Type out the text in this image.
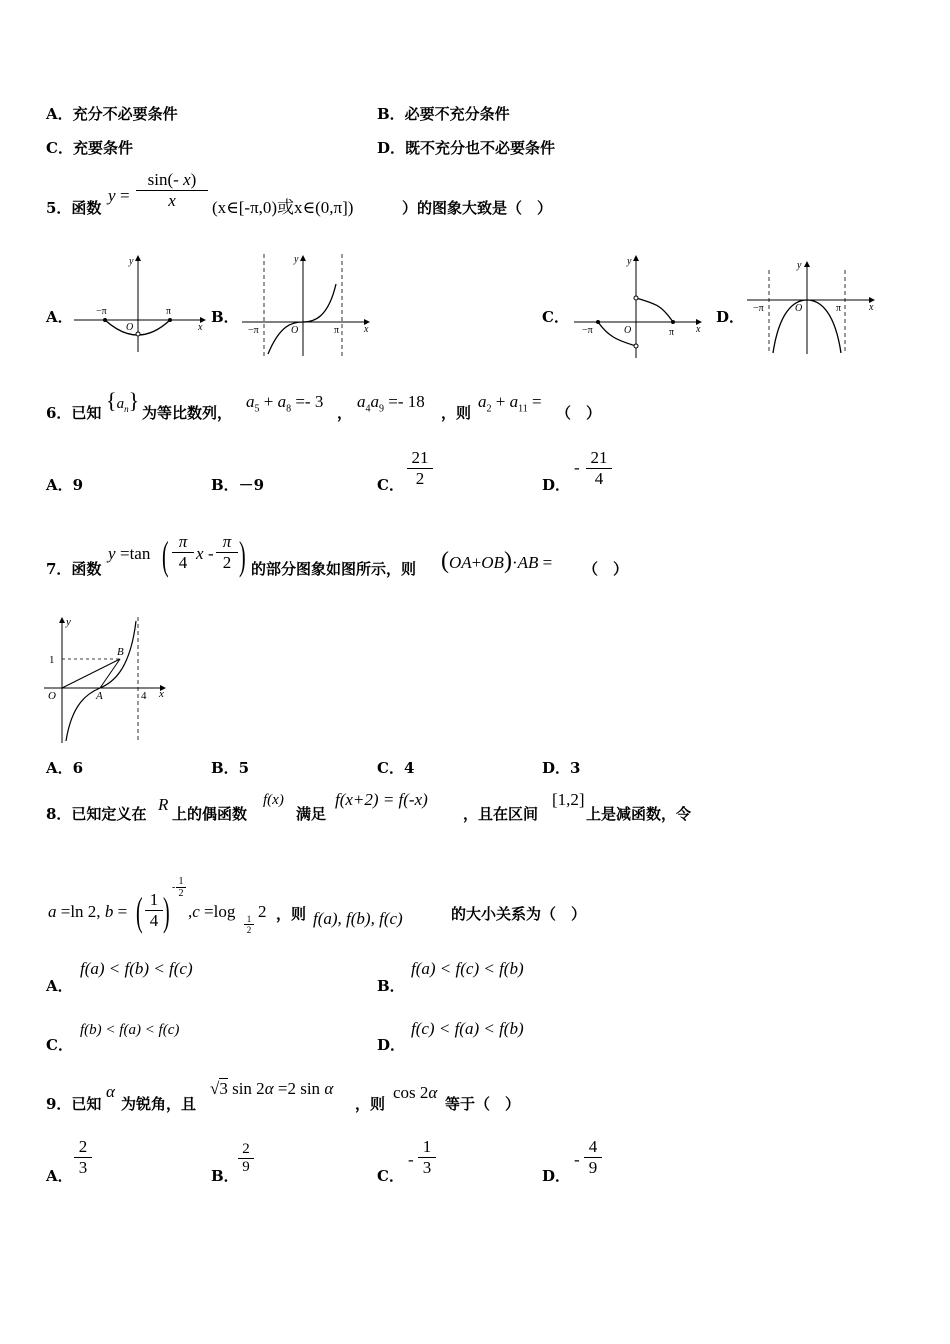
A．充分不必要条件	B．必要不充分条件
C．充要条件	D．既不充分也不必要条件
5．函数
$y = \frac{\sin(- x)}{x}$ (x∈[-π,0)或x∈(0,π])	）的图象大致是（　）
A．	B．	C．	D．
y
x
−π	π
O
y
x
−π	π
O
y
x
−π	π
O
y
x
−π	π
O
6．已知 $\{a_n\}$ 为等比数列，
$a_5 + a_8 =- 3$
，
$a_4a_9 =- 18$
，则
$a_2 + a_{11}$ =
（　）
A．9	B．－9	C． $\frac{21}{2}$	D．
- $\frac{21}{4}$
7．函数
y =tan ( $\frac{\pi}{4}$ x - $\frac{\pi}{2}$ ) 的部分图象如图所示，则 (OA+OB)·AB = （　）
y
x
1
O	A
B
4
A．6	B．5	C．4	D．3
8．已知定义在 R 上的偶函数
f(x)
满足
f(x+2) = f(-x)
，且在区间
[1,2]
上是减函数，令
a =ln 2, b = ( $\frac{1}{4}$ )
- $\frac{1}{2}$
,c =log
$\frac{1}{2}$
2 ，则 f(a), f(b), f(c)	的大小关系为（　）
A．
f(a) < f(b) < f(c)
B．
f(a) < f(c) < f(b)
C．
f(b) < f(a) < f(c)
D．
f(c) < f(a) < f(b)
9．已知
α
为锐角，且
√3 sin 2α =2 sin α
，则
cos 2α
等于（　）
A． $\frac{2}{3}$	B． $\frac{2}{9}$	C．
- $\frac{1}{3}$	D．
- $\frac{4}{9}$
